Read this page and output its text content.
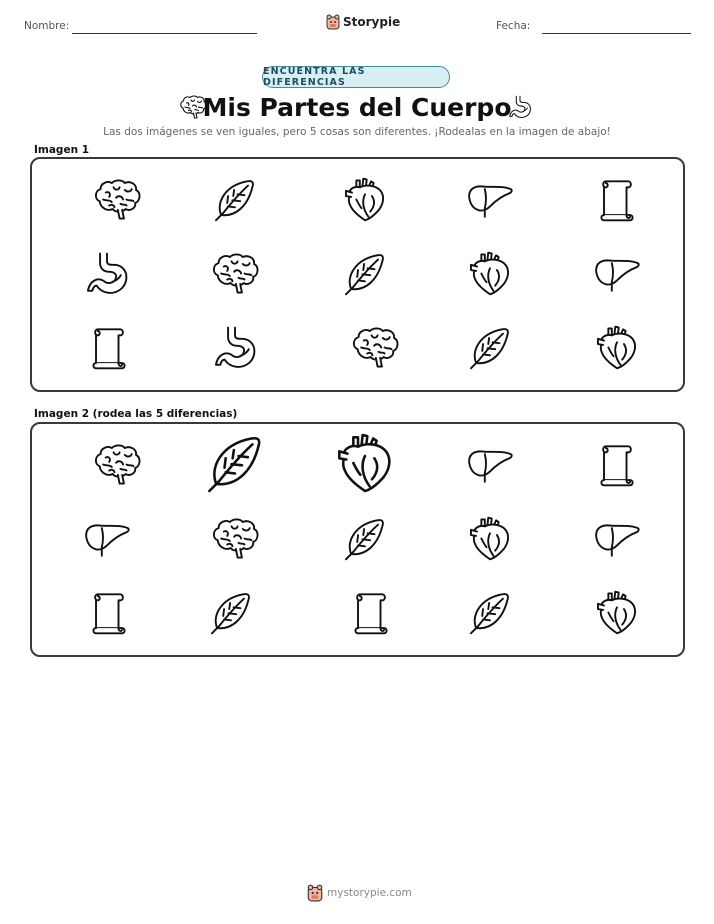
Nombre:	Storypie	Fecha:
ENCUENTRA LAS DIFERENCIAS
Mis Partes del Cuerpo
Las dos imágenes se ven iguales, pero 5 cosas son diferentes. ¡Rodealas en la imagen de abajo!
Imagen 1
Imagen 2 (rodea las 5 diferencias)
mystorypie.com
